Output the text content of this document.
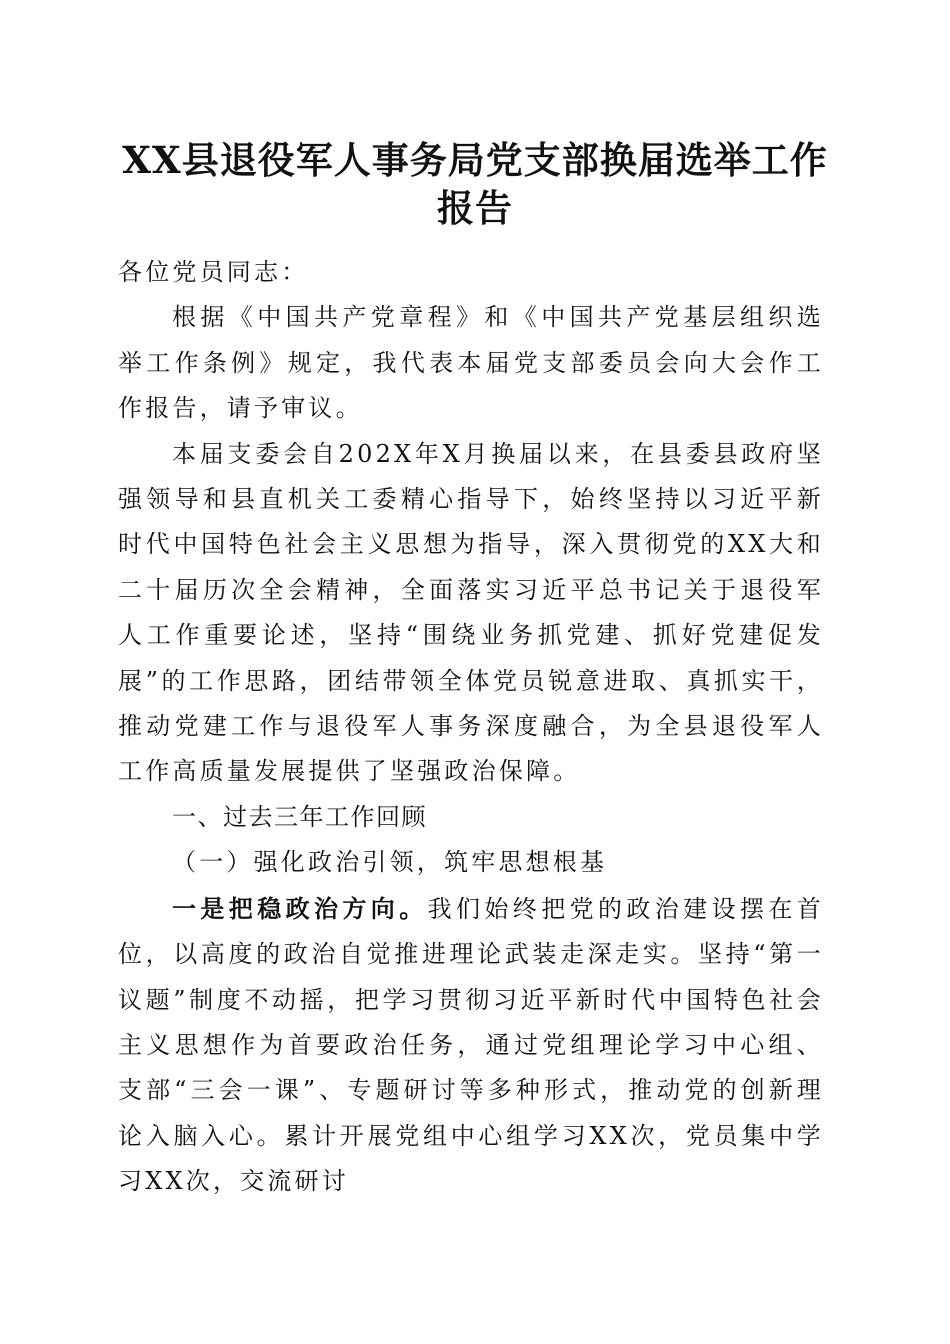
XX县退役军人事务局党支部换届选举工作报告

各位党员同志：

根据《中国共产党章程》和《中国共产党基层组织选举工作条例》规定，我代表本届党支部委员会向大会作工作报告，请予审议。

本届支委会自202X年X月换届以来，在县委县政府坚强领导和县直机关工委精心指导下，始终坚持以习近平新时代中国特色社会主义思想为指导，深入贯彻党的XX大和二十届历次全会精神，全面落实习近平总书记关于退役军人工作重要论述，坚持“围绕业务抓党建、抓好党建促发展”的工作思路，团结带领全体党员锐意进取、真抓实干，推动党建工作与退役军人事务深度融合，为全县退役军人工作高质量发展提供了坚强政治保障。

一、过去三年工作回顾

（一）强化政治引领，筑牢思想根基

一是把稳政治方向。我们始终把党的政治建设摆在首位，以高度的政治自觉推进理论武装走深走实。坚持“第一议题”制度不动摇，把学习贯彻习近平新时代中国特色社会主义思想作为首要政治任务，通过党组理论学习中心组、支部“三会一课”、专题研讨等多种形式，推动党的创新理论入脑入心。累计开展党组中心组学习XX次，党员集中学习XX次，交流研讨
